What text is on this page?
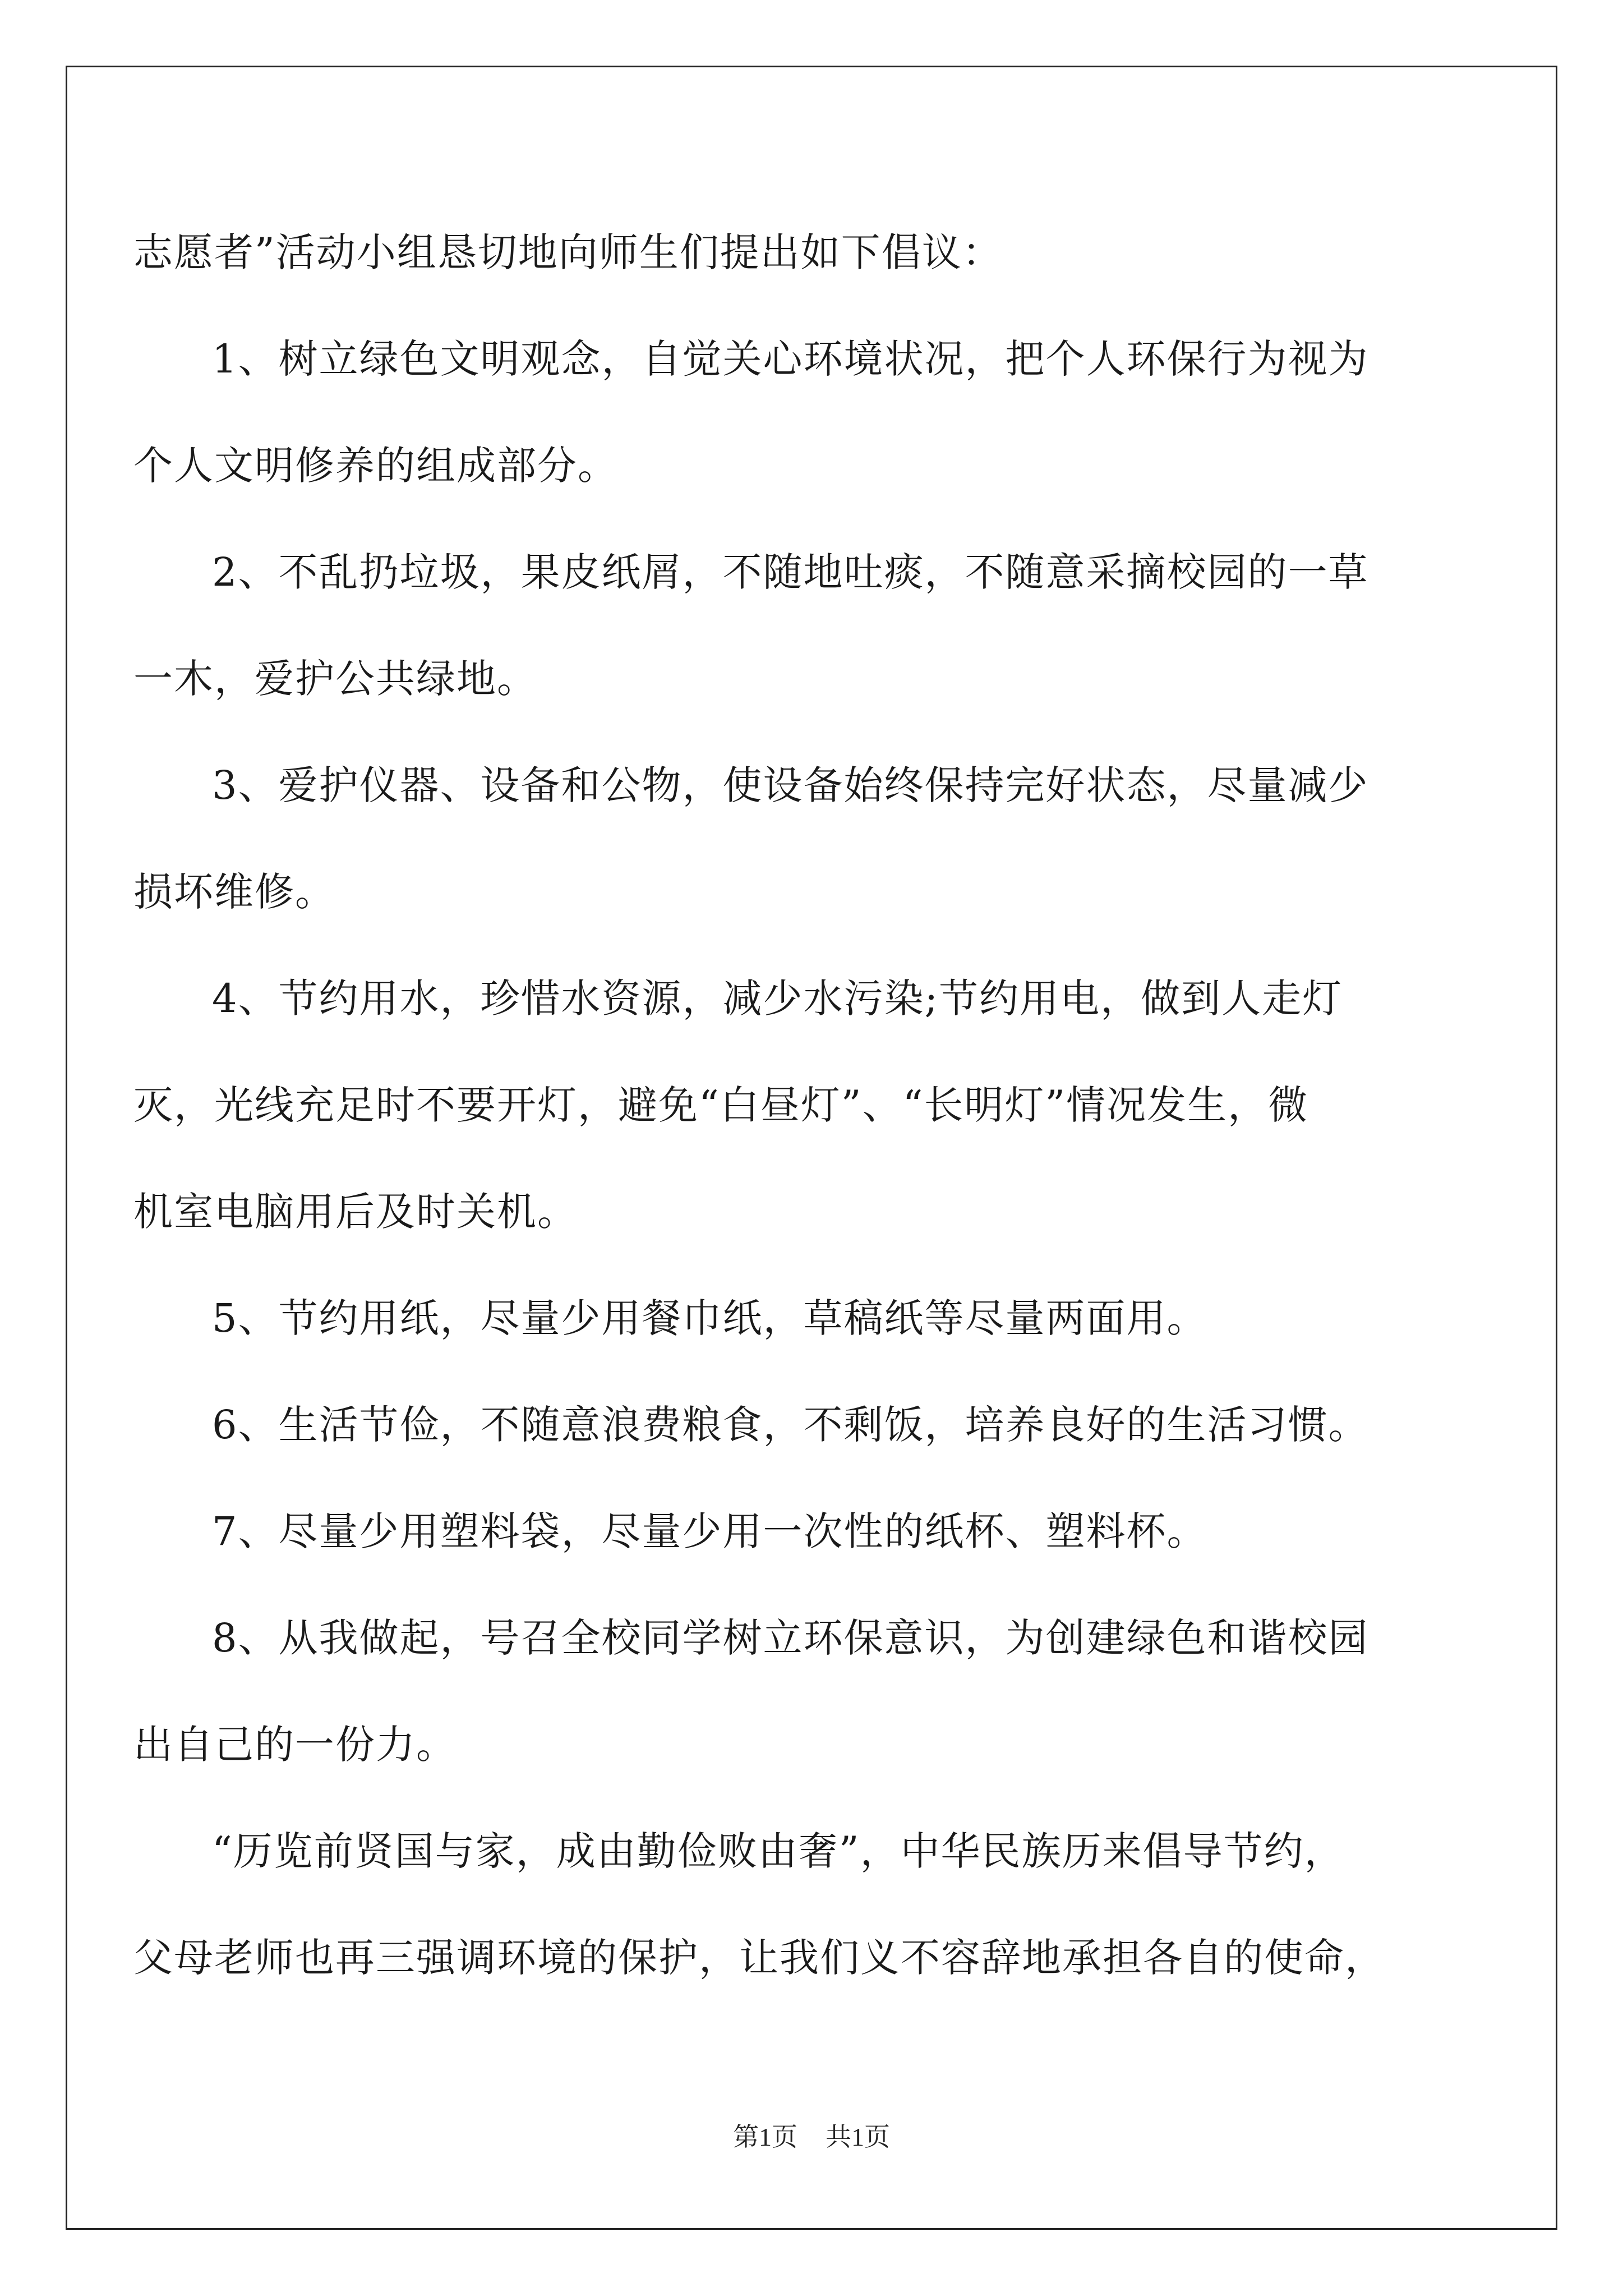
志愿者”活动小组恳切地向师生们提出如下倡议：
1、树立绿色文明观念，自觉关心环境状况，把个人环保行为视为
个人文明修养的组成部分。
2、不乱扔垃圾，果皮纸屑，不随地吐痰，不随意采摘校园的一草
一木，爱护公共绿地。
3、爱护仪器、设备和公物，使设备始终保持完好状态，尽量减少
损坏维修。
4、节约用水，珍惜水资源，减少水污染;节约用电，做到人走灯
灭，光线充足时不要开灯，避免“白昼灯”、“长明灯”情况发生，微
机室电脑用后及时关机。
5、节约用纸，尽量少用餐巾纸，草稿纸等尽量两面用。
6、生活节俭，不随意浪费粮食，不剩饭，培养良好的生活习惯。
7、尽量少用塑料袋，尽量少用一次性的纸杯、塑料杯。
8、从我做起，号召全校同学树立环保意识，为创建绿色和谐校园
出自己的一份力。
“历览前贤国与家，成由勤俭败由奢”，中华民族历来倡导节约，
父母老师也再三强调环境的保护，让我们义不容辞地承担各自的使命，
第1页 共1页
